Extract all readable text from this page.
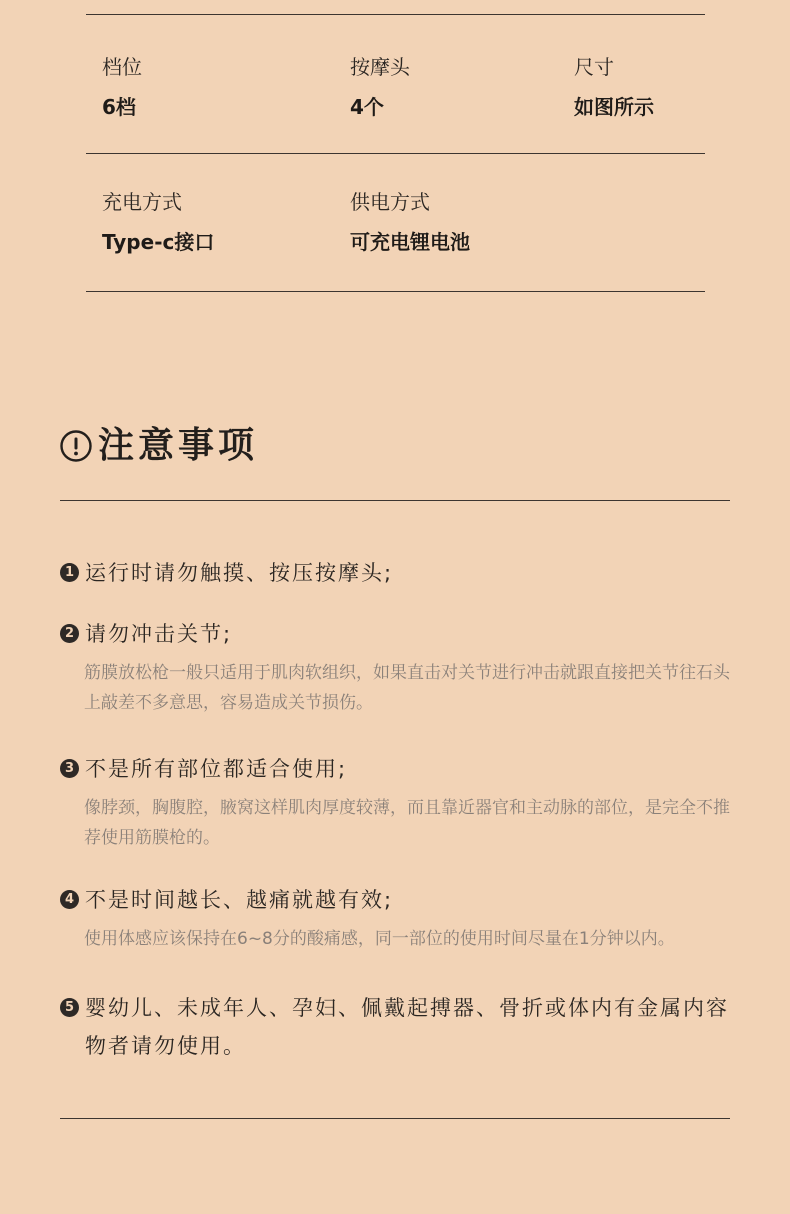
档位
6档
按摩头
4个
尺寸
如图所示
充电方式
Type-c接口
供电方式
可充电锂电池
注意事项
1 运行时请勿触摸、按压按摩头;
2 请勿冲击关节;
筋膜放松枪一般只适用于肌肉软组织，如果直击对关节进行冲击就跟直接把关节往石头上敲差不多意思，容易造成关节损伤。
3 不是所有部位都适合使用;
像脖颈，胸腹腔，腋窝这样肌肉厚度较薄，而且靠近器官和主动脉的部位，是完全不推荐使用筋膜枪的。
4 不是时间越长、越痛就越有效;
使用体感应该保持在6~8分的酸痛感，同一部位的使用时间尽量在1分钟以内。
5 婴幼儿、未成年人、孕妇、佩戴起搏器、骨折或体内有金属内容物者请勿使用。
